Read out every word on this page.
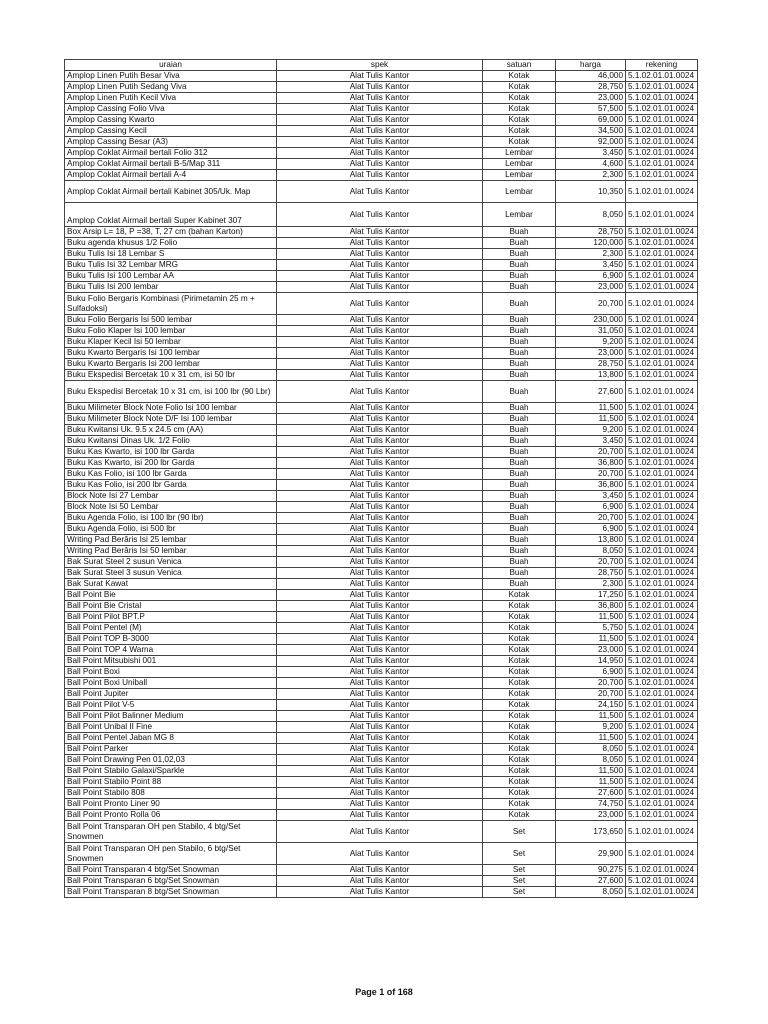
uraian	spek	satuan	harga	rekening
Amplop Linen Putih Besar Viva	Alat Tulis Kantor	Kotak	46,000	5.1.02.01.01.0024
Amplop Linen Putih Sedang Viva	Alat Tulis Kantor	Kotak	28,750	5.1.02.01.01.0024
Amplop Linen Putih Kecil Viva	Alat Tulis Kantor	Kotak	23,000	5.1.02.01.01.0024
Amplop Cassing Folio Viva	Alat Tulis Kantor	Kotak	57,500	5.1.02.01.01.0024
Amplop Cassing Kwarto	Alat Tulis Kantor	Kotak	69,000	5.1.02.01.01.0024
Amplop Cassing Kecil	Alat Tulis Kantor	Kotak	34,500	5.1.02.01.01.0024
Amplop Cassing Besar (A3)	Alat Tulis Kantor	Kotak	92,000	5.1.02.01.01.0024
Amplop Coklat Airmail bertali Folio 312	Alat Tulis Kantor	Lembar	3,450	5.1.02.01.01.0024
Amplop Coklat Airmail bertali B-5/Map 311	Alat Tulis Kantor	Lembar	4,600	5.1.02.01.01.0024
Amplop Coklat Airmail bertali A-4	Alat Tulis Kantor	Lembar	2,300	5.1.02.01.01.0024
Amplop Coklat Airmail bertali Kabinet 305/Uk. Map	Alat Tulis Kantor	Lembar	10,350	5.1.02.01.01.0024
Amplop Coklat Airmail bertali Super Kabinet 307	Alat Tulis Kantor	Lembar	8,050	5.1.02.01.01.0024
Box Arsip L= 18, P =38, T, 27 cm (bahan Karton)	Alat Tulis Kantor	Buah	28,750	5.1.02.01.01.0024
Buku agenda khusus 1/2 Folio	Alat Tulis Kantor	Buah	120,000	5.1.02.01.01.0024
Buku Tulis Isi 18 Lembar S	Alat Tulis Kantor	Buah	2,300	5.1.02.01.01.0024
Buku Tulis Isi 32 Lembar MRG	Alat Tulis Kantor	Buah	3,450	5.1.02.01.01.0024
Buku Tulis Isi 100 Lembar AA	Alat Tulis Kantor	Buah	6,900	5.1.02.01.01.0024
Buku Tulis Isi 200 lembar	Alat Tulis Kantor	Buah	23,000	5.1.02.01.01.0024
Buku Folio Bergaris Kombinasi (Pirimetamin 25 m + Sulfadoksi)	Alat Tulis Kantor	Buah	20,700	5.1.02.01.01.0024
Buku Folio Bergaris Isi 500 lembar	Alat Tulis Kantor	Buah	230,000	5.1.02.01.01.0024
Buku Folio Klaper Isi 100 lembar	Alat Tulis Kantor	Buah	31,050	5.1.02.01.01.0024
Buku Klaper Kecil Isi 50 lembar	Alat Tulis Kantor	Buah	9,200	5.1.02.01.01.0024
Buku Kwarto Bergaris Isi 100 lembar	Alat Tulis Kantor	Buah	23,000	5.1.02.01.01.0024
Buku Kwarto Bergaris Isi 200 lembar	Alat Tulis Kantor	Buah	28,750	5.1.02.01.01.0024
Buku Ekspedisi Bercetak 10 x 31 cm, isi 50 lbr	Alat Tulis Kantor	Buah	13,800	5.1.02.01.01.0024
Buku Ekspedisi Bercetak 10 x 31 cm, isi 100 lbr (90 Lbr)	Alat Tulis Kantor	Buah	27,600	5.1.02.01.01.0024
Buku Milimeter Block Note Folio Isi 100 lembar	Alat Tulis Kantor	Buah	11,500	5.1.02.01.01.0024
Buku Milimeter Block Note D/F Isi 100 lembar	Alat Tulis Kantor	Buah	11,500	5.1.02.01.01.0024
Buku Kwitansi Uk. 9.5 x 24.5 cm (AA)	Alat Tulis Kantor	Buah	9,200	5.1.02.01.01.0024
Buku Kwitansi Dinas Uk. 1/2 Folio	Alat Tulis Kantor	Buah	3,450	5.1.02.01.01.0024
Buku Kas Kwarto, isi 100 lbr Garda	Alat Tulis Kantor	Buah	20,700	5.1.02.01.01.0024
Buku Kas Kwarto, isi 200 lbr Garda	Alat Tulis Kantor	Buah	36,800	5.1.02.01.01.0024
Buku Kas Folio, isi 100 lbr Garda	Alat Tulis Kantor	Buah	20,700	5.1.02.01.01.0024
Buku Kas Folio, isi 200 lbr Garda	Alat Tulis Kantor	Buah	36,800	5.1.02.01.01.0024
Block Note Isi 27 Lembar	Alat Tulis Kantor	Buah	3,450	5.1.02.01.01.0024
Block Note Isi 50 Lembar	Alat Tulis Kantor	Buah	6,900	5.1.02.01.01.0024
Buku Agenda Folio, isi 100 lbr (90 lbr)	Alat Tulis Kantor	Buah	20,700	5.1.02.01.01.0024
Buku Agenda Folio, isi 500 lbr	Alat Tulis Kantor	Buah	6,900	5.1.02.01.01.0024
Writing Pad Berâris Isi 25 lembar	Alat Tulis Kantor	Buah	13,800	5.1.02.01.01.0024
Writing Pad Berâris Isi 50 lembar	Alat Tulis Kantor	Buah	8,050	5.1.02.01.01.0024
Bak Surat Steel 2 susun Venica	Alat Tulis Kantor	Buah	20,700	5.1.02.01.01.0024
Bak Surat Steel 3 susun Venica	Alat Tulis Kantor	Buah	28,750	5.1.02.01.01.0024
Bak Surat Kawat	Alat Tulis Kantor	Buah	2,300	5.1.02.01.01.0024
Ball Point Bie	Alat Tulis Kantor	Kotak	17,250	5.1.02.01.01.0024
Ball Point Bie Cristal	Alat Tulis Kantor	Kotak	36,800	5.1.02.01.01.0024
Ball Point Pilot BPT.P	Alat Tulis Kantor	Kotak	11,500	5.1.02.01.01.0024
Ball Point Pentel (M)	Alat Tulis Kantor	Kotak	5,750	5.1.02.01.01.0024
Ball Point TOP B-3000	Alat Tulis Kantor	Kotak	11,500	5.1.02.01.01.0024
Ball Point TOP 4 Warna	Alat Tulis Kantor	Kotak	23,000	5.1.02.01.01.0024
Ball Point Mitsubishi 001	Alat Tulis Kantor	Kotak	14,950	5.1.02.01.01.0024
Ball Point Boxi	Alat Tulis Kantor	Kotak	6,900	5.1.02.01.01.0024
Ball Point Boxi Uniball	Alat Tulis Kantor	Kotak	20,700	5.1.02.01.01.0024
Ball Point Jupiter	Alat Tulis Kantor	Kotak	20,700	5.1.02.01.01.0024
Ball Point Pilot V-5	Alat Tulis Kantor	Kotak	24,150	5.1.02.01.01.0024
Ball Point Pilot Balinner Medium	Alat Tulis Kantor	Kotak	11,500	5.1.02.01.01.0024
Ball Point Unibal II Fine	Alat Tulis Kantor	Kotak	9,200	5.1.02.01.01.0024
Ball Point Pentel Jaban MG 8	Alat Tulis Kantor	Kotak	11,500	5.1.02.01.01.0024
Ball Point Parker	Alat Tulis Kantor	Kotak	8,050	5.1.02.01.01.0024
Ball Point Drawing Pen 01,02,03	Alat Tulis Kantor	Kotak	8,050	5.1.02.01.01.0024
Ball Point Stabilo Galaxi/Sparkle	Alat Tulis Kantor	Kotak	11,500	5.1.02.01.01.0024
Ball Point Stabilo Point 88	Alat Tulis Kantor	Kotak	11,500	5.1.02.01.01.0024
Ball Point Stabilo 808	Alat Tulis Kantor	Kotak	27,600	5.1.02.01.01.0024
Ball Point Pronto Liner 90	Alat Tulis Kantor	Kotak	74,750	5.1.02.01.01.0024
Ball Point Pronto Rolla 06	Alat Tulis Kantor	Kotak	23,000	5.1.02.01.01.0024
Ball Point Transparan OH pen Stabilo, 4 btg/Set Snowmen	Alat Tulis Kantor	Set	173,650	5.1.02.01.01.0024
Ball Point Transparan OH pen Stabilo, 6 btg/Set Snowmen	Alat Tulis Kantor	Set	29,900	5.1.02.01.01.0024
Ball Point Transparan 4 btg/Set Snowman	Alat Tulis Kantor	Set	90,275	5.1.02.01.01.0024
Ball Point Transparan 6 btg/Set Snowman	Alat Tulis Kantor	Set	27,600	5.1.02.01.01.0024
Ball Point Transparan 8 btg/Set Snowman	Alat Tulis Kantor	Set	8,050	5.1.02.01.01.0024
Page 1 of 168
